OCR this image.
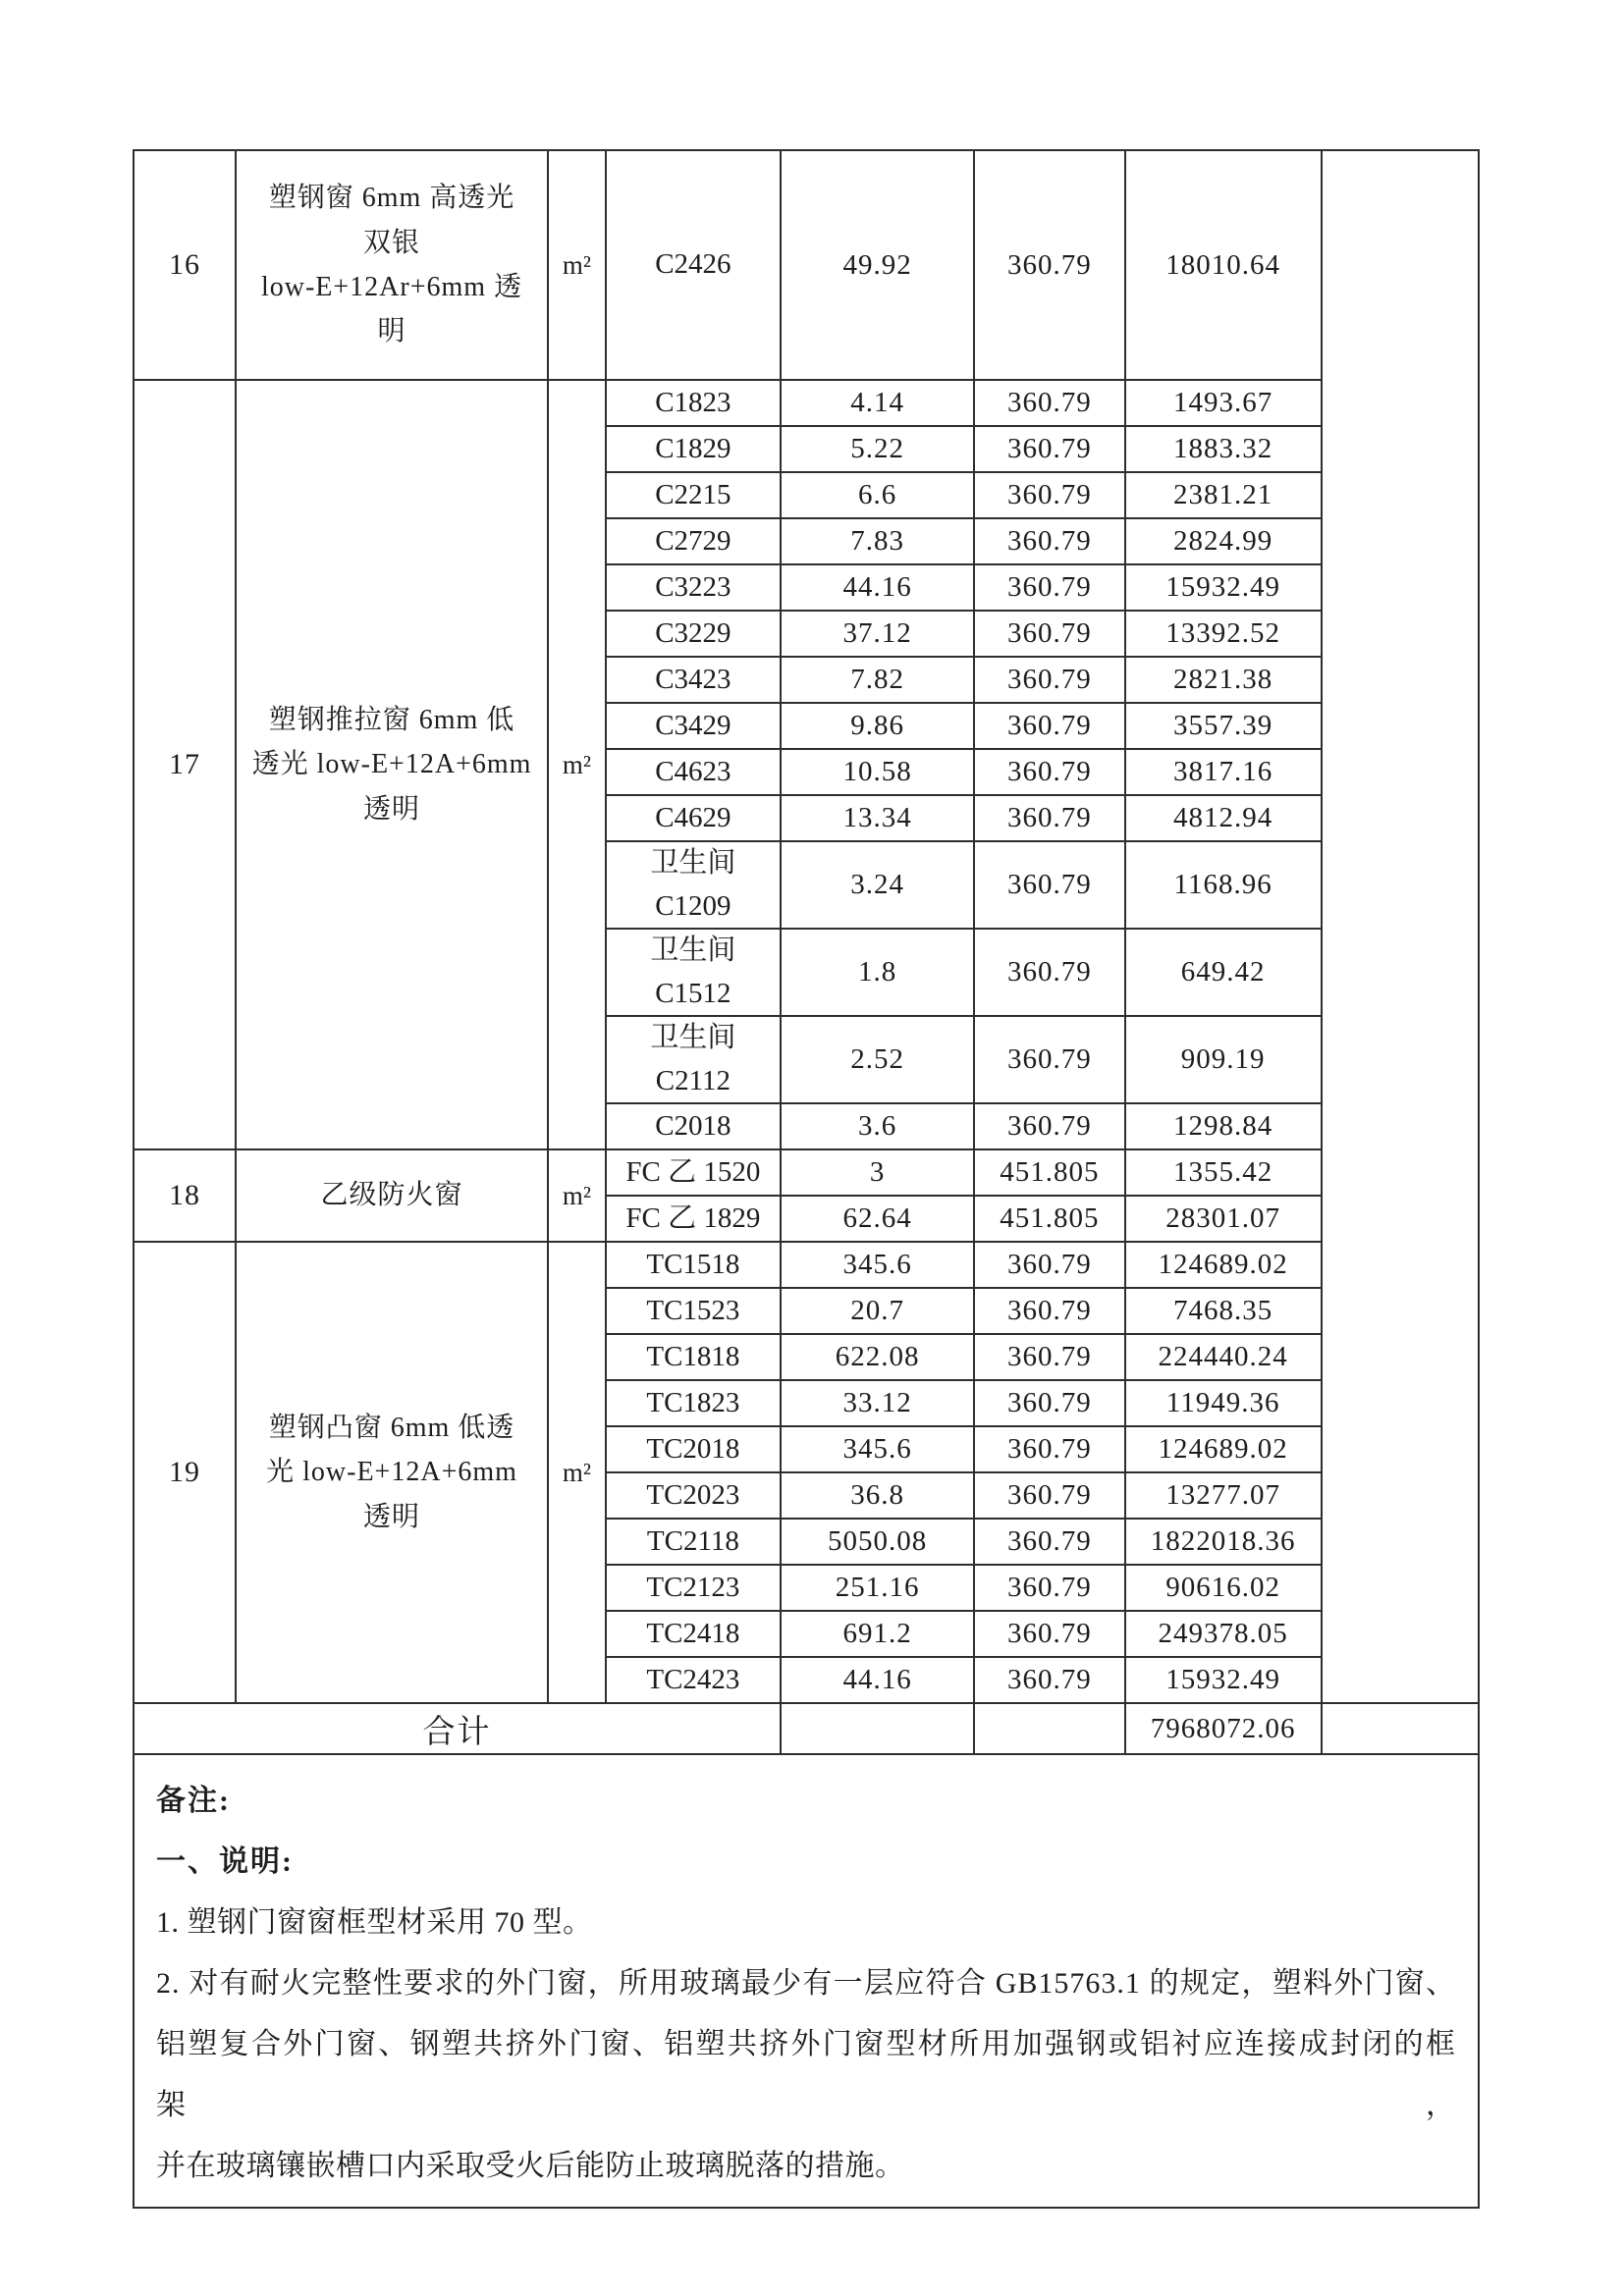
16	塑钢窗 6mm 高透光
双银
low-E+12Ar+6mm 透
明	m²	C2426	49.92	360.79	18010.64	
17	塑钢推拉窗 6mm 低
透光 low-E+12A+6mm
透明	m²	C1823	4.14	360.79	1493.67	

			C1829	5.22	360.79	1883.32	

			C2215	6.6	360.79	2381.21	

			C2729	7.83	360.79	2824.99	

			C3223	44.16	360.79	15932.49	

			C3229	37.12	360.79	13392.52	

			C3423	7.82	360.79	2821.38	

			C3429	9.86	360.79	3557.39	

			C4623	10.58	360.79	3817.16	

			C4629	13.34	360.79	4812.94	

			卫生间
C1209	3.24	360.79	1168.96	

			卫生间
C1512	1.8	360.79	649.42	

			卫生间
C2112	2.52	360.79	909.19	

			C2018	3.6	360.79	1298.84	
18	乙级防火窗	m²	FC 乙 1520	3	451.805	1355.42	

			FC 乙 1829	62.64	451.805	28301.07	
19	塑钢凸窗 6mm 低透
光 low-E+12A+6mm
透明	m²	TC1518	345.6	360.79	124689.02	

			TC1523	20.7	360.79	7468.35	

			TC1818	622.08	360.79	224440.24	

			TC1823	33.12	360.79	11949.36	

			TC2018	345.6	360.79	124689.02	

			TC2023	36.8	360.79	13277.07	

			TC2118	5050.08	360.79	1822018.36	

			TC2123	251.16	360.79	90616.02	

			TC2418	691.2	360.79	249378.05	

			TC2423	44.16	360.79	15932.49	
合计						7968072.06	
备注:
一、说明:
1. 塑钢门窗窗框型材采用 70 型。
2. 对有耐火完整性要求的外门窗，所用玻璃最少有一层应符合 GB15763.1 的规定，塑料外门窗、
铝塑复合外门窗、钢塑共挤外门窗、铝塑共挤外门窗型材所用加强钢或铝衬应连接成封闭的框架，
并在玻璃镶嵌槽口内采取受火后能防止玻璃脱落的措施。
